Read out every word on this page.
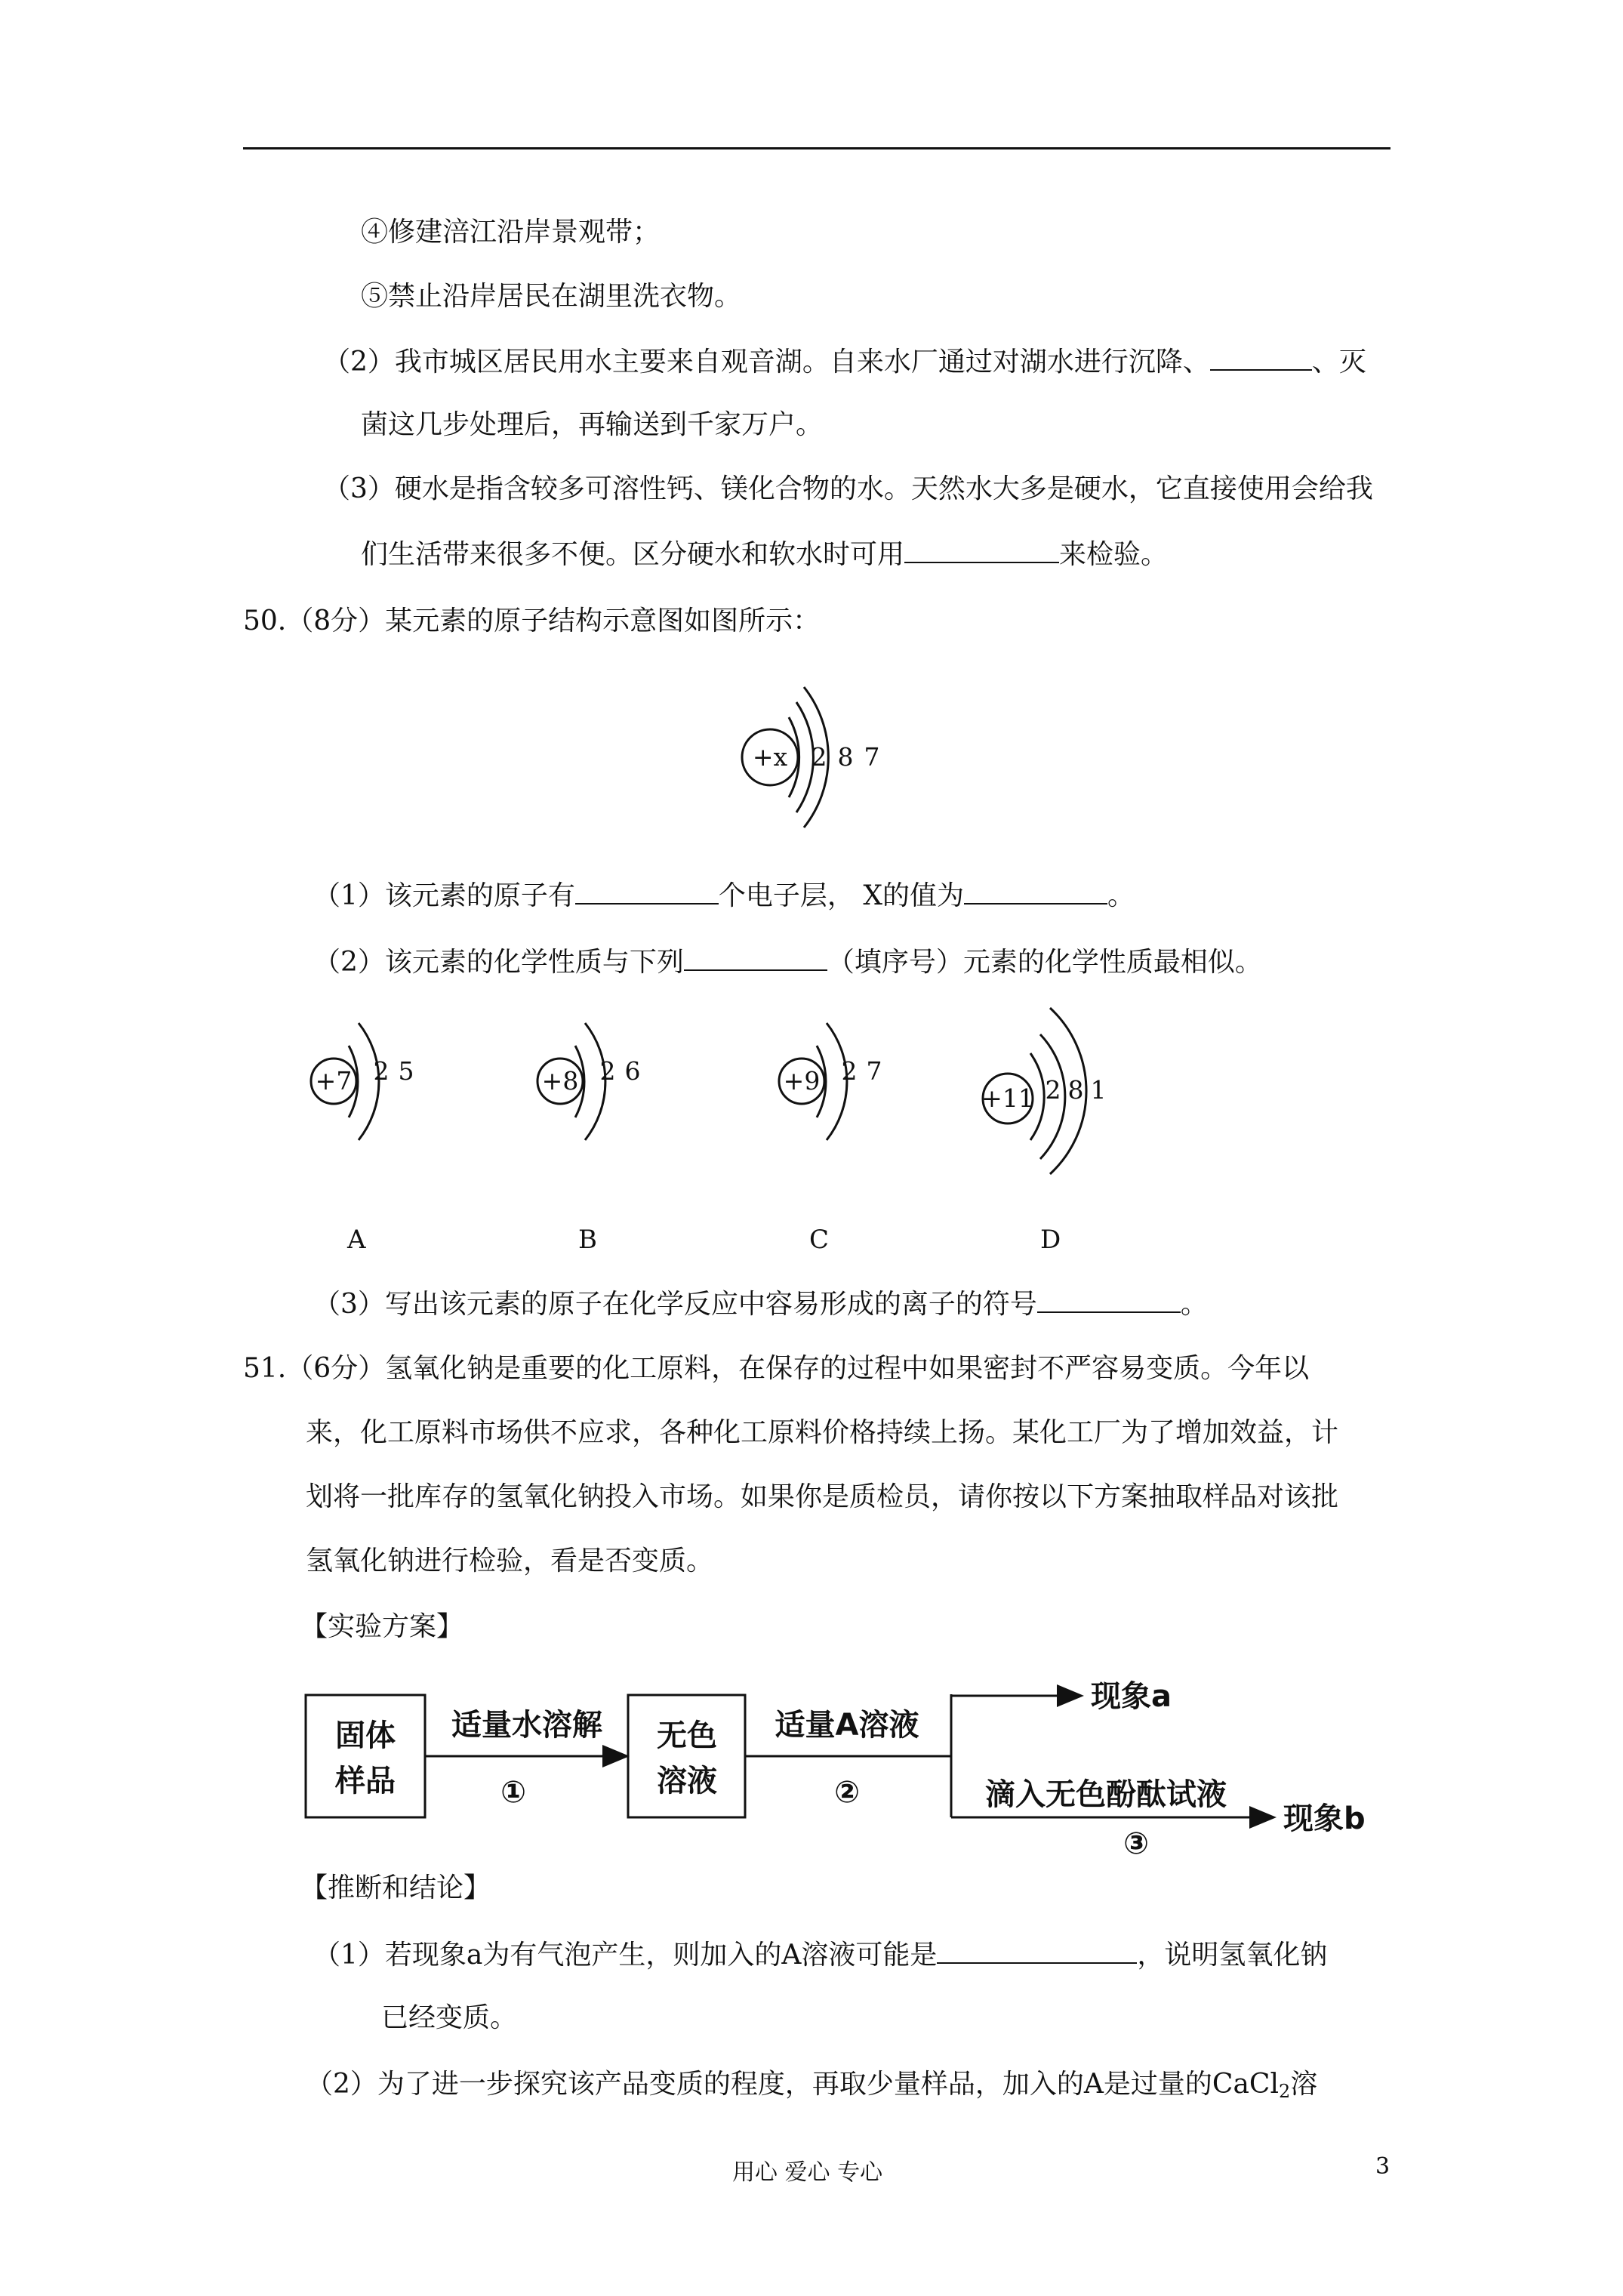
④修建涪江沿岸景观带；
⑤禁止沿岸居民在湖里洗衣物。
（2）我市城区居民用水主要来自观音湖。自来水厂通过对湖水进行沉降、	、灭
菌这几步处理后，再输送到千家万户。
（3）硬水是指含较多可溶性钙、镁化合物的水。天然水大多是硬水，它直接使用会给我
们生活带来很多不便。区分硬水和软水时可用	来检验。
50.（8分）某元素的原子结构示意图如图所示：
+x 2 8 7
（1）该元素的原子有	个电子层， X的值为	。
（2）该元素的化学性质与下列	（填序号）元素的化学性质最相似。
+7 2 5	+8 2 6	+9 2 7
+11 2 8 1
A	B	C	D
（3）写出该元素的原子在化学反应中容易形成的离子的符号	。
51.（6分）氢氧化钠是重要的化工原料，在保存的过程中如果密封不严容易变质。今年以
来，化工原料市场供不应求，各种化工原料价格持续上扬。某化工厂为了增加效益，计
划将一批库存的氢氧化钠投入市场。如果你是质检员，请你按以下方案抽取样品对该批
氢氧化钠进行检验，看是否变质。
【实验方案】
固体
样品
适量水溶解
①
无色
溶液
适量A溶液
②
现象a
滴入无色酚酞试液
③
现象b
【推断和结论】
（1）若现象a为有气泡产生，则加入的A溶液可能是	，说明氢氧化钠
已经变质。
（2）为了进一步探究该产品变质的程度，再取少量样品，加入的A是过量的CaCl$_2$溶
用心 爱心 专心	3
